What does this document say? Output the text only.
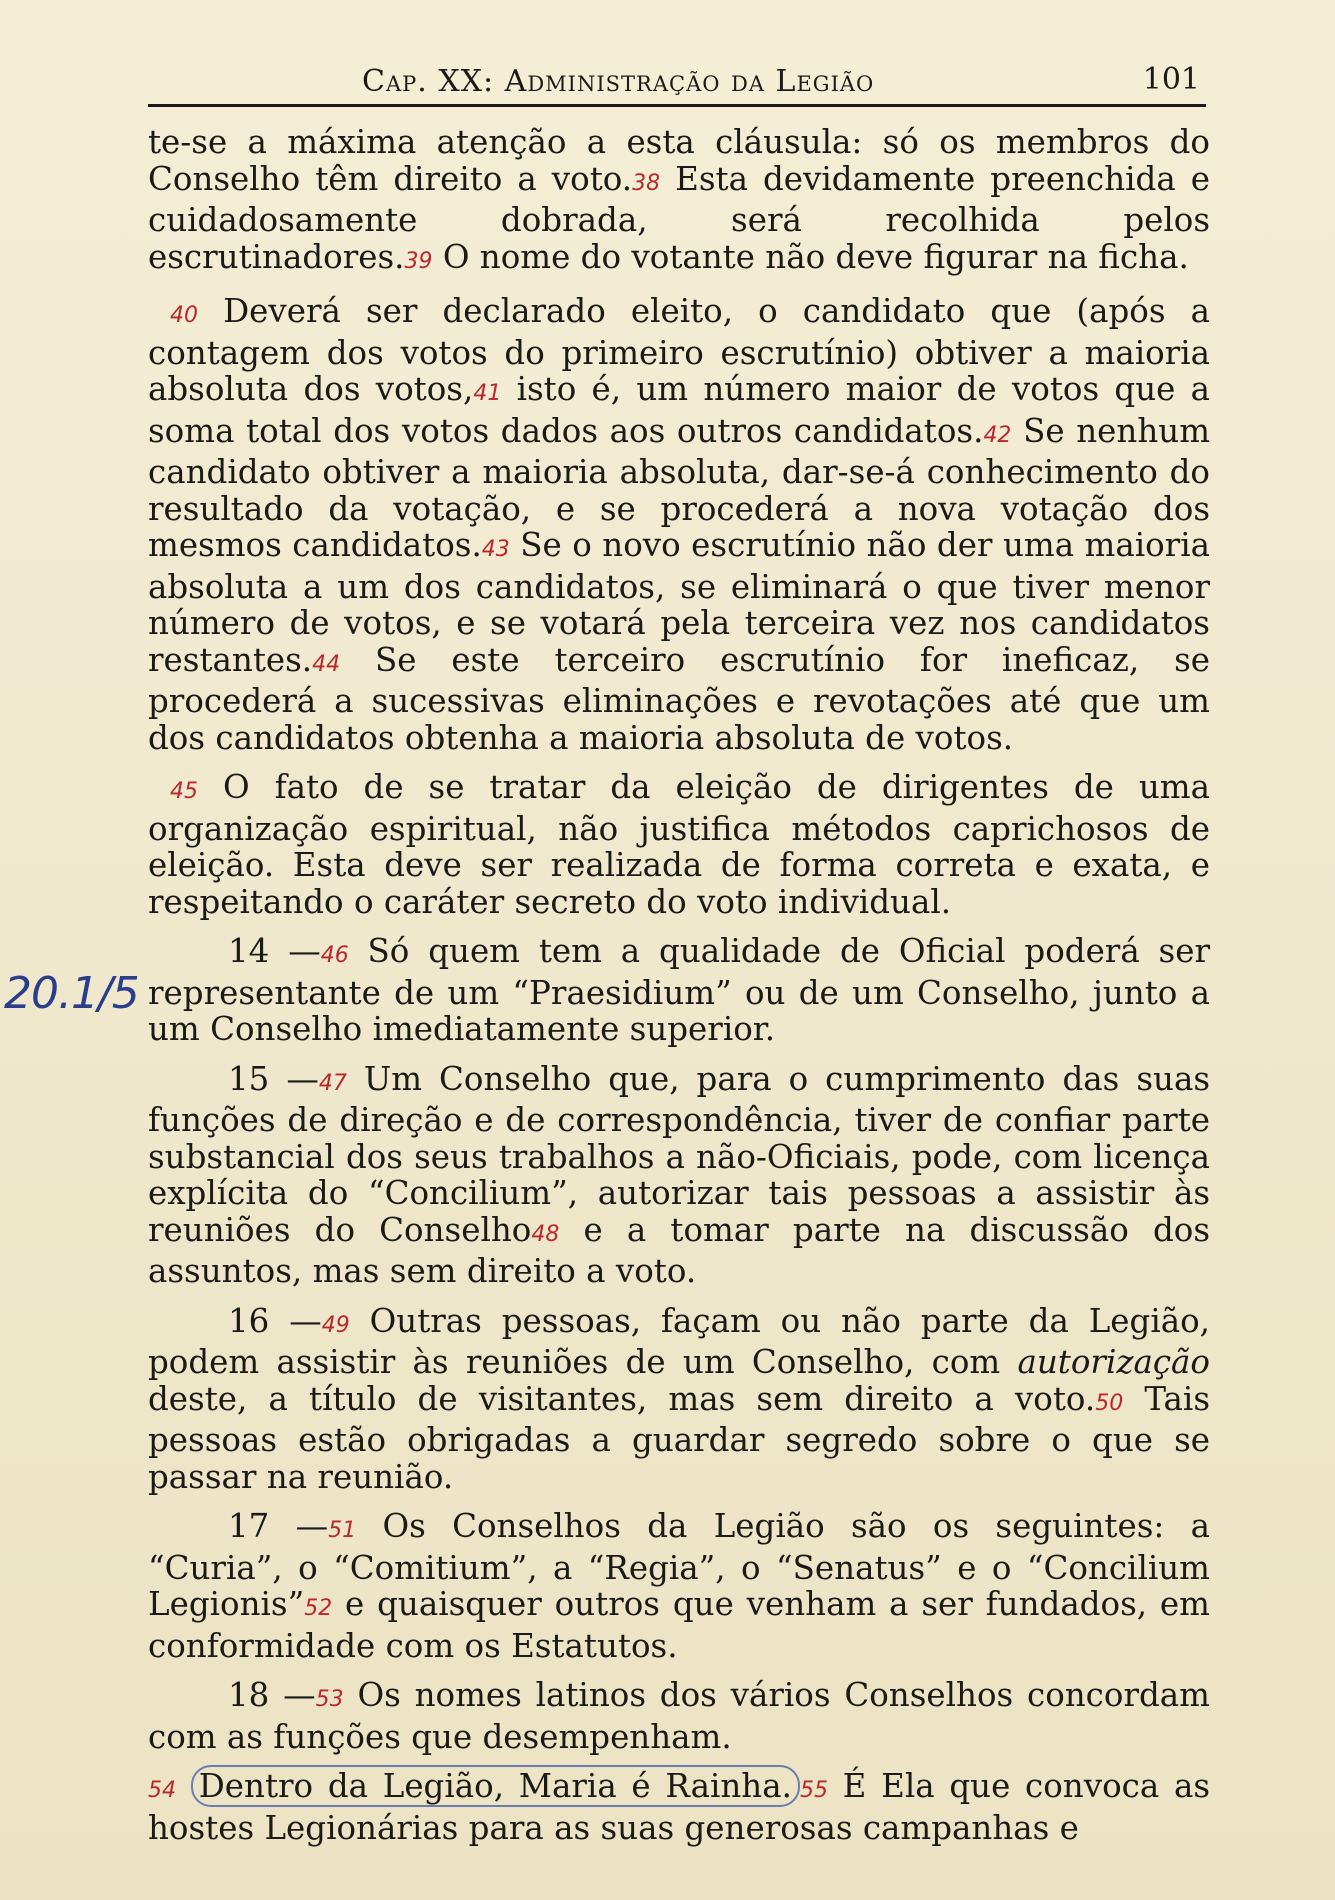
Cap. XX: Administração da Legião	101
20.1/5

te-se a máxima atenção a esta cláusula: só os membros do Conselho têm direito a voto.38 Esta devidamente preenchida e cuidadosamente dobrada, será recolhida pelos escrutinadores.39 O nome do votante não deve figurar na ficha.

40 Deverá ser declarado eleito, o candidato que (após a contagem dos votos do primeiro escrutínio) obtiver a maioria absoluta dos votos,41 isto é, um número maior de votos que a soma total dos votos dados aos outros candidatos.42 Se nenhum candidato obtiver a maioria absoluta, dar-se-á conhecimento do resultado da votação, e se procederá a nova votação dos mesmos candidatos.43 Se o novo escrutínio não der uma maioria absoluta a um dos candidatos, se eliminará o que tiver menor número de votos, e se votará pela terceira vez nos candidatos restantes.44 Se este terceiro escrutínio for ineficaz, se procederá a sucessivas eliminações e revotações até que um dos candidatos obtenha a maioria absoluta de votos.

45 O fato de se tratar da eleição de dirigentes de uma organização espiritual, não justifica métodos caprichosos de eleição. Esta deve ser realizada de forma correta e exata, e respeitando o caráter secreto do voto individual.

14 —46 Só quem tem a qualidade de Oficial poderá ser representante de um “Praesidium” ou de um Conselho, junto a um Conselho imediatamente superior.

15 —47 Um Conselho que, para o cumprimento das suas funções de direção e de correspondência, tiver de confiar parte substancial dos seus trabalhos a não-Oficiais, pode, com licença explícita do “Concilium”, autorizar tais pessoas a assistir às reuniões do Conselho48 e a tomar parte na discussão dos assuntos, mas sem direito a voto.

16 —49 Outras pessoas, façam ou não parte da Legião, podem assistir às reuniões de um Conselho, com autorização deste, a título de visitantes, mas sem direito a voto.50 Tais pessoas estão obrigadas a guardar segredo sobre o que se passar na reunião.

17 —51 Os Conselhos da Legião são os seguintes: a “Curia”, o “Comitium”, a “Regia”, o “Senatus” e o “Concilium Legionis”52 e quaisquer outros que venham a ser fundados, em conformidade com os Estatutos.

18 —53 Os nomes latinos dos vários Conselhos concordam com as funções que desempenham.

54 Dentro da Legião, Maria é Rainha. 55 É Ela que convoca as hostes Legionárias para as suas generosas campanhas e
